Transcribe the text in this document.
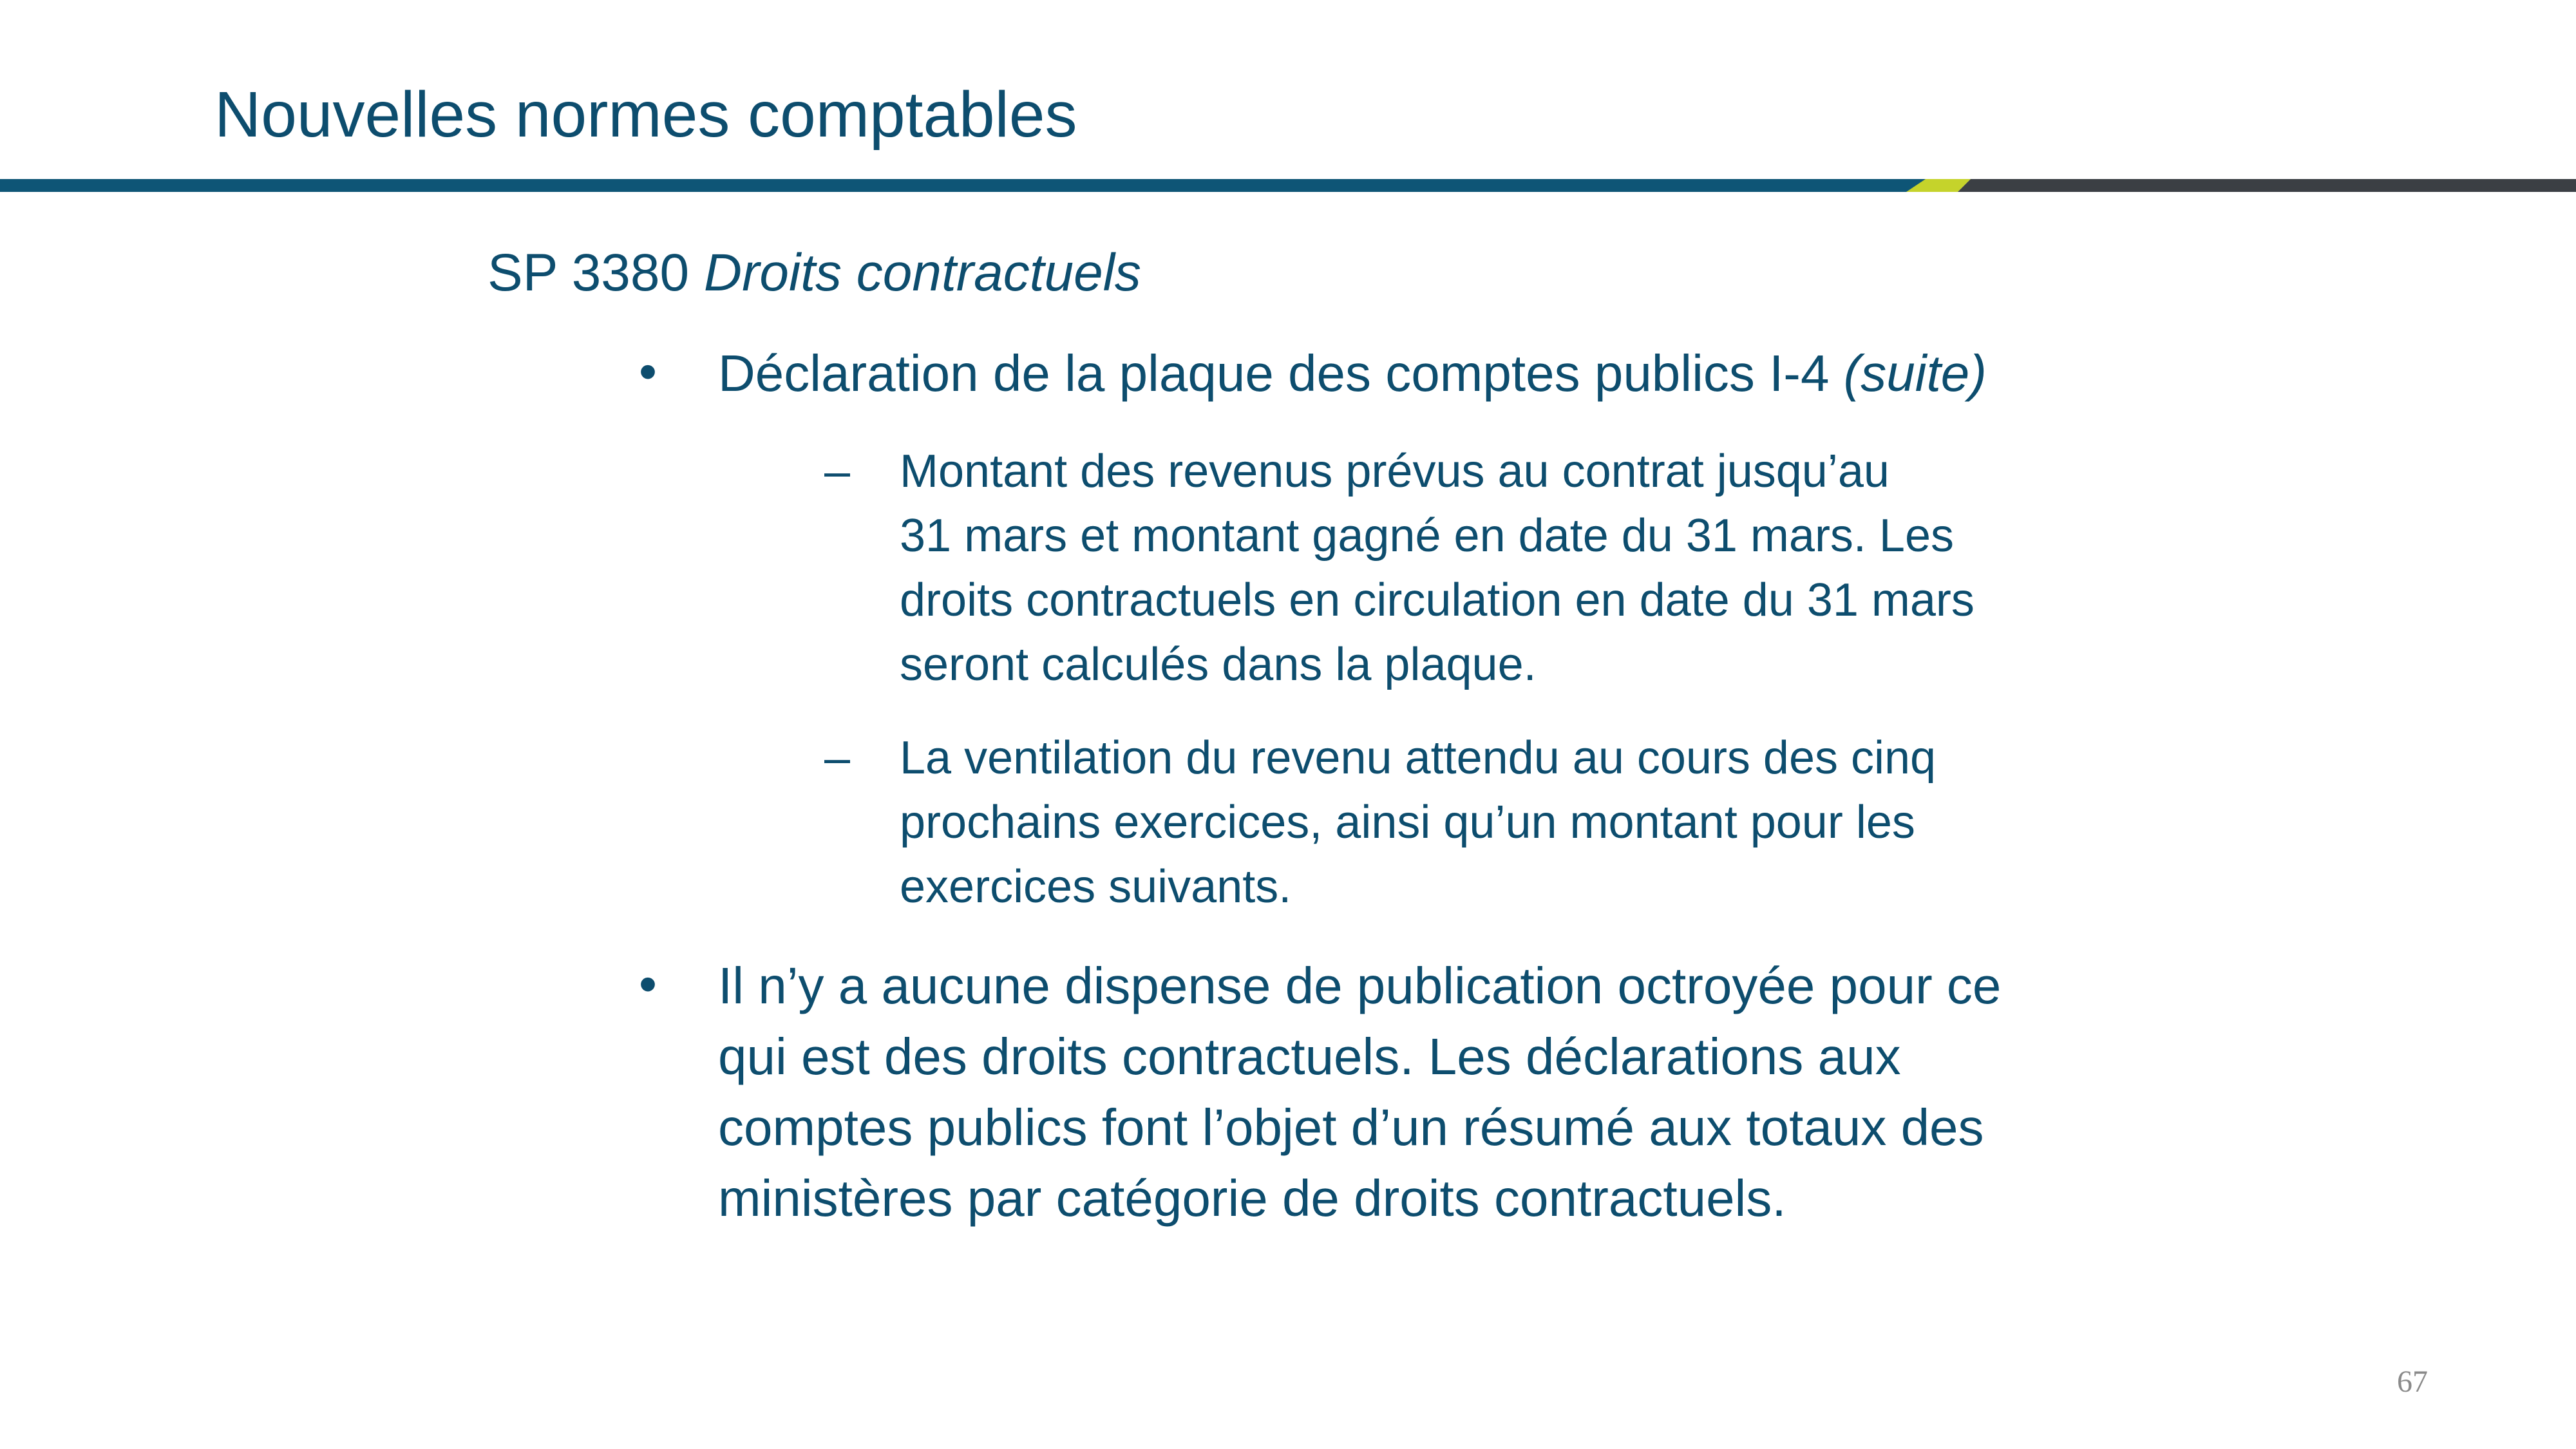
Nouvelles normes comptables
SP 3380 Droits contractuels
• Déclaration de la plaque des comptes publics I-4 (suite)
– Montant des revenus prévus au contrat jusqu’au
31 mars et montant gagné en date du 31 mars. Les
droits contractuels en circulation en date du 31 mars
seront calculés dans la plaque.
– La ventilation du revenu attendu au cours des cinq
prochains exercices, ainsi qu’un montant pour les
exercices suivants.
• Il n’y a aucune dispense de publication octroyée pour ce
qui est des droits contractuels. Les déclarations aux
comptes publics font l’objet d’un résumé aux totaux des
ministères par catégorie de droits contractuels.
67
